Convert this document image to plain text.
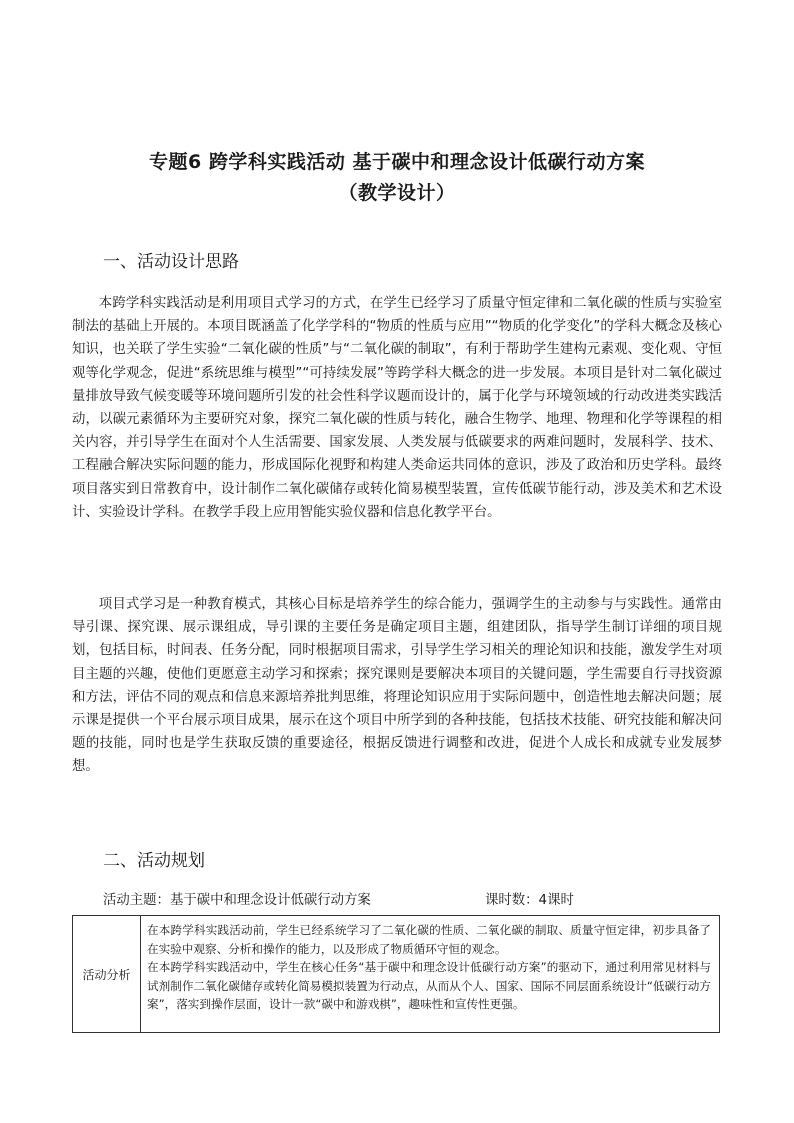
专题6 跨学科实践活动 基于碳中和理念设计低碳行动方案
（教学设计）
一、活动设计思路

本跨学科实践活动是利用项目式学习的方式，在学生已经学习了质量守恒定律和二氧化碳的性质与实验室制法的基础上开展的。本项目既涵盖了化学学科的“物质的性质与应用”“物质的化学变化”的学科大概念及核心知识，也关联了学生实验“二氧化碳的性质”与“二氧化碳的制取”，有利于帮助学生建构元素观、变化观、守恒观等化学观念，促进“系统思维与模型”“可持续发展”等跨学科大概念的进一步发展。本项目是针对二氧化碳过量排放导致气候变暖等环境问题所引发的社会性科学议题而设计的，属于化学与环境领域的行动改进类实践活动，以碳元素循环为主要研究对象，探究二氧化碳的性质与转化，融合生物学、地理、物理和化学等课程的相关内容，并引导学生在面对个人生活需要、国家发展、人类发展与低碳要求的两难问题时，发展科学、技术、工程融合解决实际问题的能力，形成国际化视野和构建人类命运共同体的意识，涉及了政治和历史学科。最终项目落实到日常教育中，设计制作二氧化碳储存或转化简易模型装置，宣传低碳节能行动，涉及美术和艺术设计、实验设计学科。在教学手段上应用智能实验仪器和信息化教学平台。

项目式学习是一种教育模式，其核心目标是培养学生的综合能力，强调学生的主动参与与实践性。通常由导引课、探究课、展示课组成，导引课的主要任务是确定项目主题，组建团队，指导学生制订详细的项目规划，包括目标，时间表、任务分配，同时根据项目需求，引导学生学习相关的理论知识和技能，激发学生对项目主题的兴趣，使他们更愿意主动学习和探索；探究课则是要解决本项目的关键问题，学生需要自行寻找资源和方法，评估不同的观点和信息来源培养批判思维，将理论知识应用于实际问题中，创造性地去解决问题；展示课是提供一个平台展示项目成果，展示在这个项目中所学到的各种技能，包括技术技能、研究技能和解决问题的技能，同时也是学生获取反馈的重要途径，根据反馈进行调整和改进，促进个人成长和成就专业发展梦想。

二、活动规划
活动主题：基于碳中和理念设计低碳行动方案	课时数：4课时
活动分析

在本跨学科实践活动前，学生已经系统学习了二氧化碳的性质、二氧化碳的制取、质量守恒定律，初步具备了在实验中观察、分析和操作的能力，以及形成了物质循环守恒的观念。

在本跨学科实践活动中，学生在核心任务“基于碳中和理念设计低碳行动方案”的驱动下，通过利用常见材料与试剂制作二氧化碳储存或转化简易模拟装置为行动点，从而从个人、国家、国际不同层面系统设计“低碳行动方案”，落实到操作层面，设计一款“碳中和游戏棋”，趣味性和宣传性更强。
